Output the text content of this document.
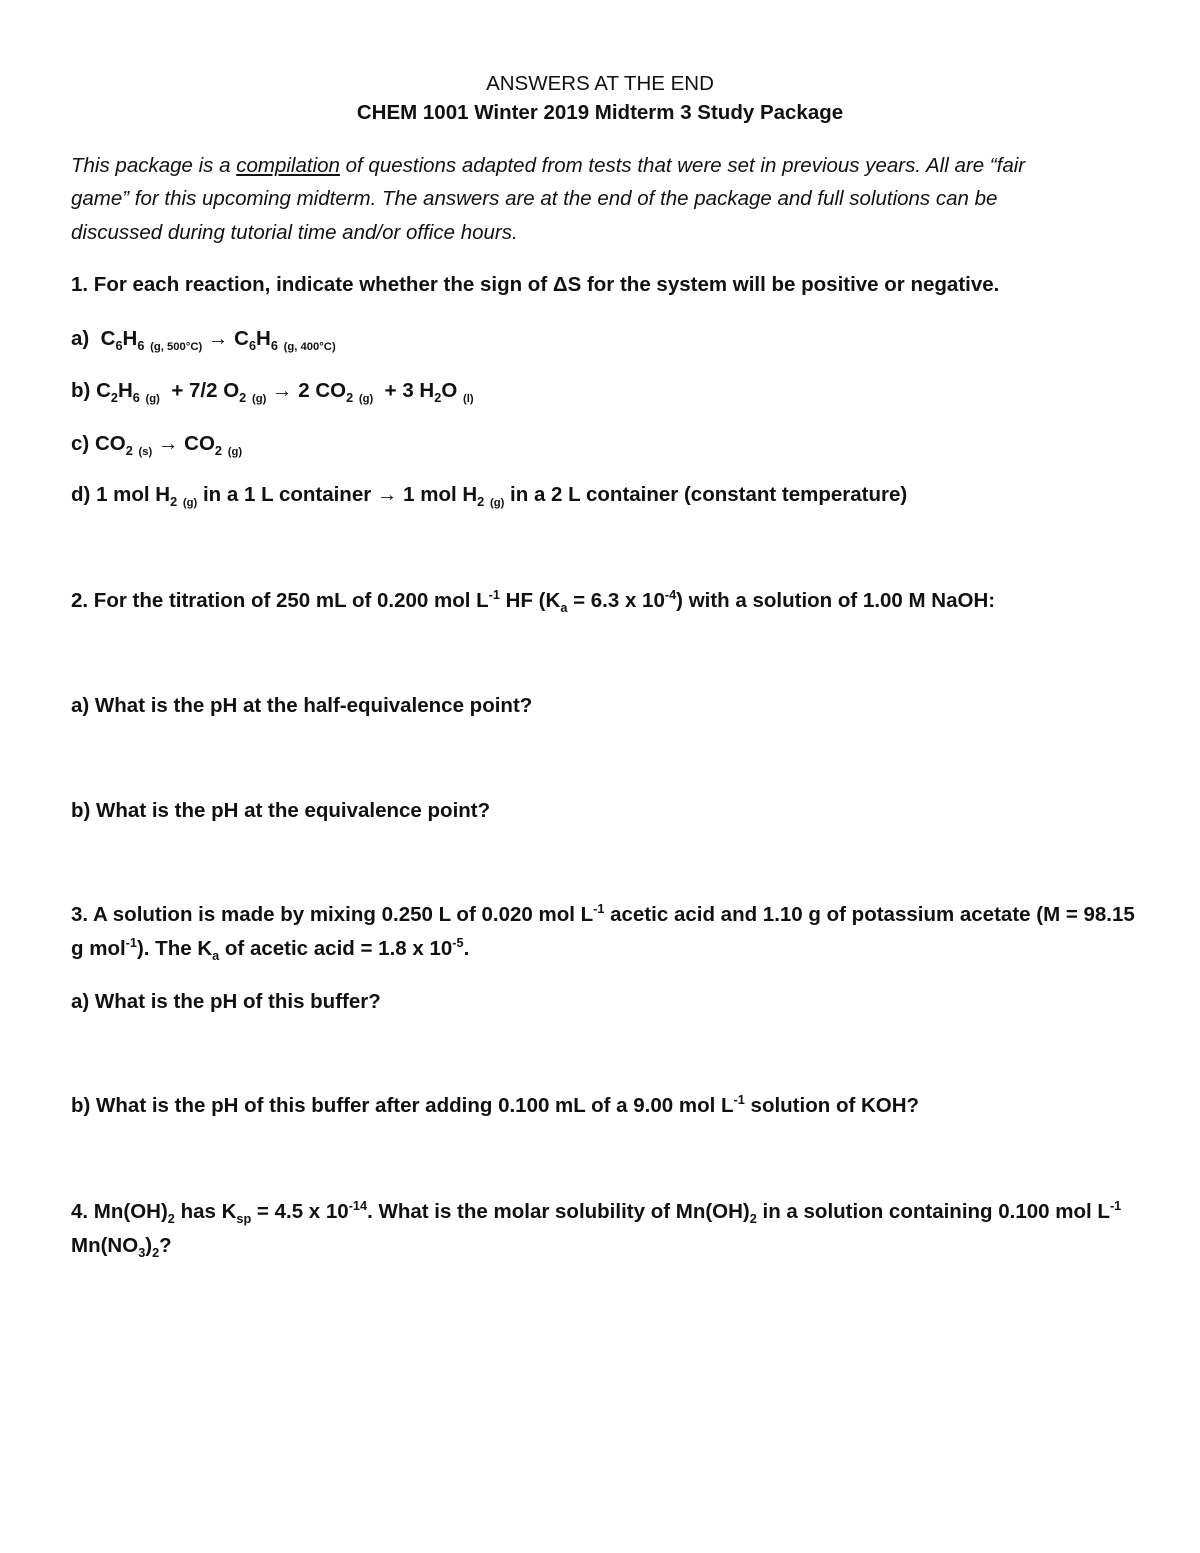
ANSWERS AT THE END
CHEM 1001 Winter 2019 Midterm 3 Study Package
This package is a compilation of questions adapted from tests that were set in previous years. All are “fair
game” for this upcoming midterm. The answers are at the end of the package and full solutions can be
discussed during tutorial time and/or office hours.
1. For each reaction, indicate whether the sign of ΔS for the system will be positive or negative.
a) $C_6H_6$ $_{(g, 500^\circ C)} \to C_6H_6$ $_{(g, 400^\circ C)}$
b) $C_2H_6$ $_{(g)}$ + 7/2 $O_2$ $_{(g)}$ → 2 $CO_2$ $_{(g)}$ + 3 $H_2O$ $_{(l)}$
c) $CO_2$ $_{(s)} \to CO_2$ $_{(g)}$
d) 1 mol $H_2$ $_{(g)}$ in a 1 L container → 1 mol $H_2$ $_{(g)}$ in a 2 L container (constant temperature)
2. For the titration of 250 mL of 0.200 mol $L^{-1}$ HF ($K_a = 6.3$ x $10^{-4}$) with a solution of 1.00 M NaOH:
a) What is the pH at the half-equivalence point?
b) What is the pH at the equivalence point?
3. A solution is made by mixing 0.250 L of 0.020 mol $L^{-1}$ acetic acid and 1.10 g of potassium acetate (M = 98.15
g mol$^{-1}$). The $K_a$ of acetic acid = 1.8 x $10^{-5}$.
a) What is the pH of this buffer?
b) What is the pH of this buffer after adding 0.100 mL of a 9.00 mol $L^{-1}$ solution of KOH?
4. $Mn(OH)_2$ has $K_{sp} = 4.5$ x $10^{-14}$. What is the molar solubility of $Mn(OH)_2$ in a solution containing 0.100 mol $L^{-1}$
$Mn(NO_3)_2$?
